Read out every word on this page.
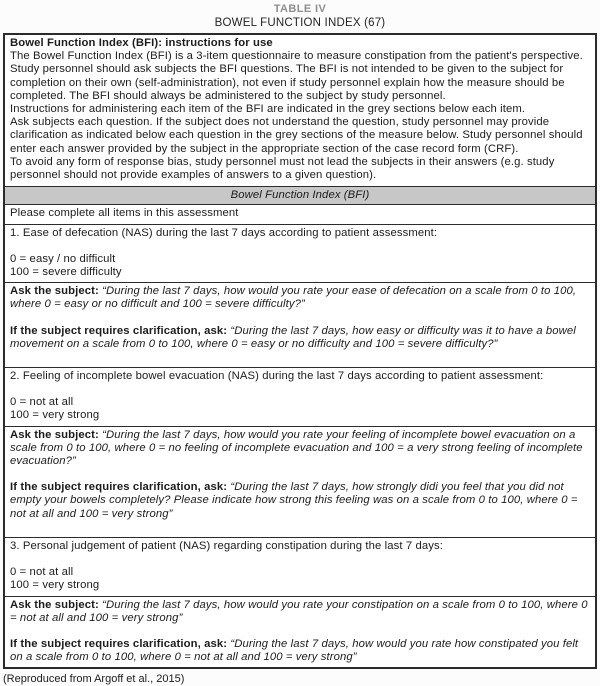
TABLE IV
BOWEL FUNCTION INDEX (67)
Bowel Function Index (BFI): instructions for use
The Bowel Function Index (BFI) is a 3-item questionnaire to measure constipation from the patient's perspective. Study personnel should ask subjects the BFI questions. The BFI is not intended to be given to the subject for completion on their own (self-administration), not even if study personnel explain how the measure should be completed. The BFI should always be administered to the subject by study personnel.
Instructions for administering each item of the BFI are indicated in the grey sections below each item.
Ask subjects each question. If the subject does not understand the question, study personnel may provide clarification as indicated below each question in the grey sections of the measure below. Study personnel should enter each answer provided by the subject in the appropriate section of the case record form (CRF).
To avoid any form of response bias, study personnel must not lead the subjects in their answers (e.g. study personnel should not provide examples of answers to a given question).
Bowel Function Index (BFI)
Please complete all items in this assessment
1. Ease of defecation (NAS) during the last 7 days according to patient assessment:
0 = easy / no difficult
100 = severe difficulty
Ask the subject: “During the last 7 days, how would you rate your ease of defecation on a scale from 0 to 100, where 0 = easy or no difficult and 100 = severe difficulty?”
If the subject requires clarification, ask: “During the last 7 days, how easy or difficulty was it to have a bowel movement on a scale from 0 to 100, where 0 = easy or no difficulty and 100 = severe difficulty?”
2. Feeling of incomplete bowel evacuation (NAS) during the last 7 days according to patient assessment:
0 = not at all
100 = very strong
Ask the subject: “During the last 7 days, how would you rate your feeling of incomplete bowel evacuation on a scale from 0 to 100, where 0 = no feeling of incomplete evacuation and 100 = a very strong feeling of incomplete evacuation?”
If the subject requires clarification, ask: “During the last 7 days, how strongly didi you feel that you did not empty your bowels completely? Please indicate how strong this feeling was on a scale from 0 to 100, where 0 = not at all and 100 = very strong”
3. Personal judgement of patient (NAS) regarding constipation during the last 7 days:
0 = not at all
100 = very strong
Ask the subject: “During the last 7 days, how would you rate your constipation on a scale from 0 to 100, where 0 = not at all and 100 = very strong”
If the subject requires clarification, ask: “During the last 7 days, how would you rate how constipated you felt on a scale from 0 to 100, where 0 = not at all and 100 = very strong”
(Reproduced from Argoff et al., 2015)
